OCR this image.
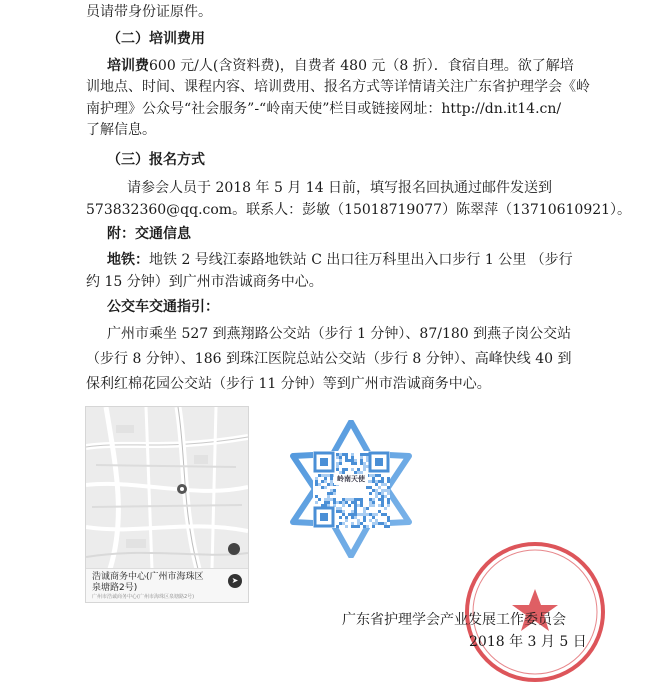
员请带身份证原件。
（二）培训费用
培训费600 元/人(含资料费)，自费者 480 元（8 折）．食宿自理。欲了解培
训地点、时间、课程内容、培训费用、报名方式等详情请关注广东省护理学会《岭
南护理》公众号“社会服务”-“岭南天使”栏目或链接网址：http://dn.it14.cn/
了解信息。
（三）报名方式
请参会人员于 2018 年 5 月 14 日前，填写报名回执通过邮件发送到
573832360@qq.com。联系人：彭敏（15018719077）陈翠萍（13710610921）。
附：交通信息
地铁：地铁 2 号线江泰路地铁站 C 出口往万科里出入口步行 1 公里 （步行
约 15 分钟）到广州市浩诚商务中心。
公交车交通指引：
广州市乘坐 527 到燕翔路公交站（步行 1 分钟）、87/180 到燕子岗公交站
（步行 8 分钟）、186 到珠江医院总站公交站（步行 8 分钟）、高峰快线 40 到
保利红棉花园公交站（步行 11 分钟）等到广州市浩诚商务中心。
浩诚商务中心(广州市海珠区泉塘路2号)
广州市浩诚商务中心(广州市海珠区泉塘路2号)
➤
岭南天使
广东省护理学会产业发展工作委员会
2018 年 3 月 5 日
